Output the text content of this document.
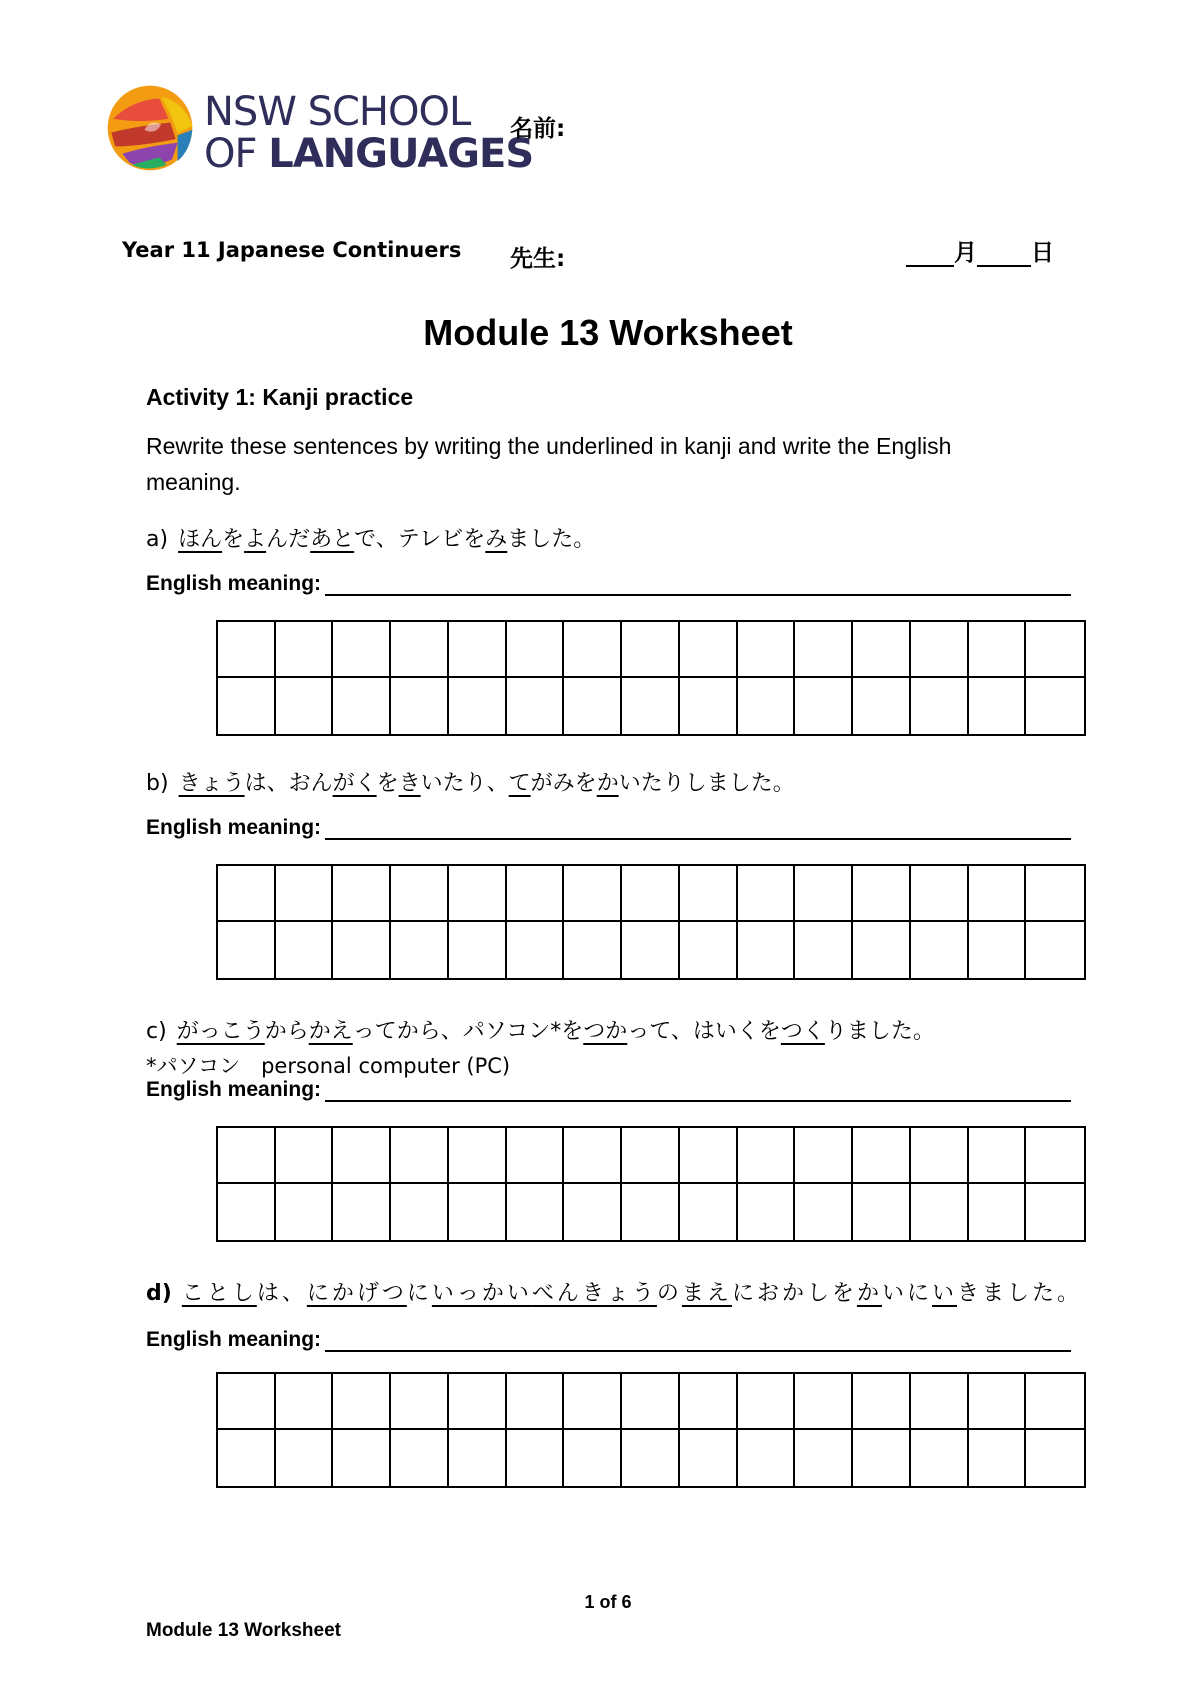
NSW SCHOOL
OF LANGUAGES
名前:
Year 11 Japanese Continuers 先生:	月 日
Module 13 Worksheet
Activity 1: Kanji practice
Rewrite these sentences by writing the underlined in kanji and write the English meaning.
a) ほんをよんだあとで、テレビをみました。
English meaning:
b) きょうは、おんがくをきいたり、てがみをかいたりしました。
English meaning:
c) がっこうからかえってから、パソコン*をつかって、はいくをつくりました。
*パソコン　personal computer (PC)
English meaning:
d) ことしは、にかげつにいっかいべんきょうのまえにおかしをかいにいきました。
English meaning:
1 of 6
Module 13 Worksheet
